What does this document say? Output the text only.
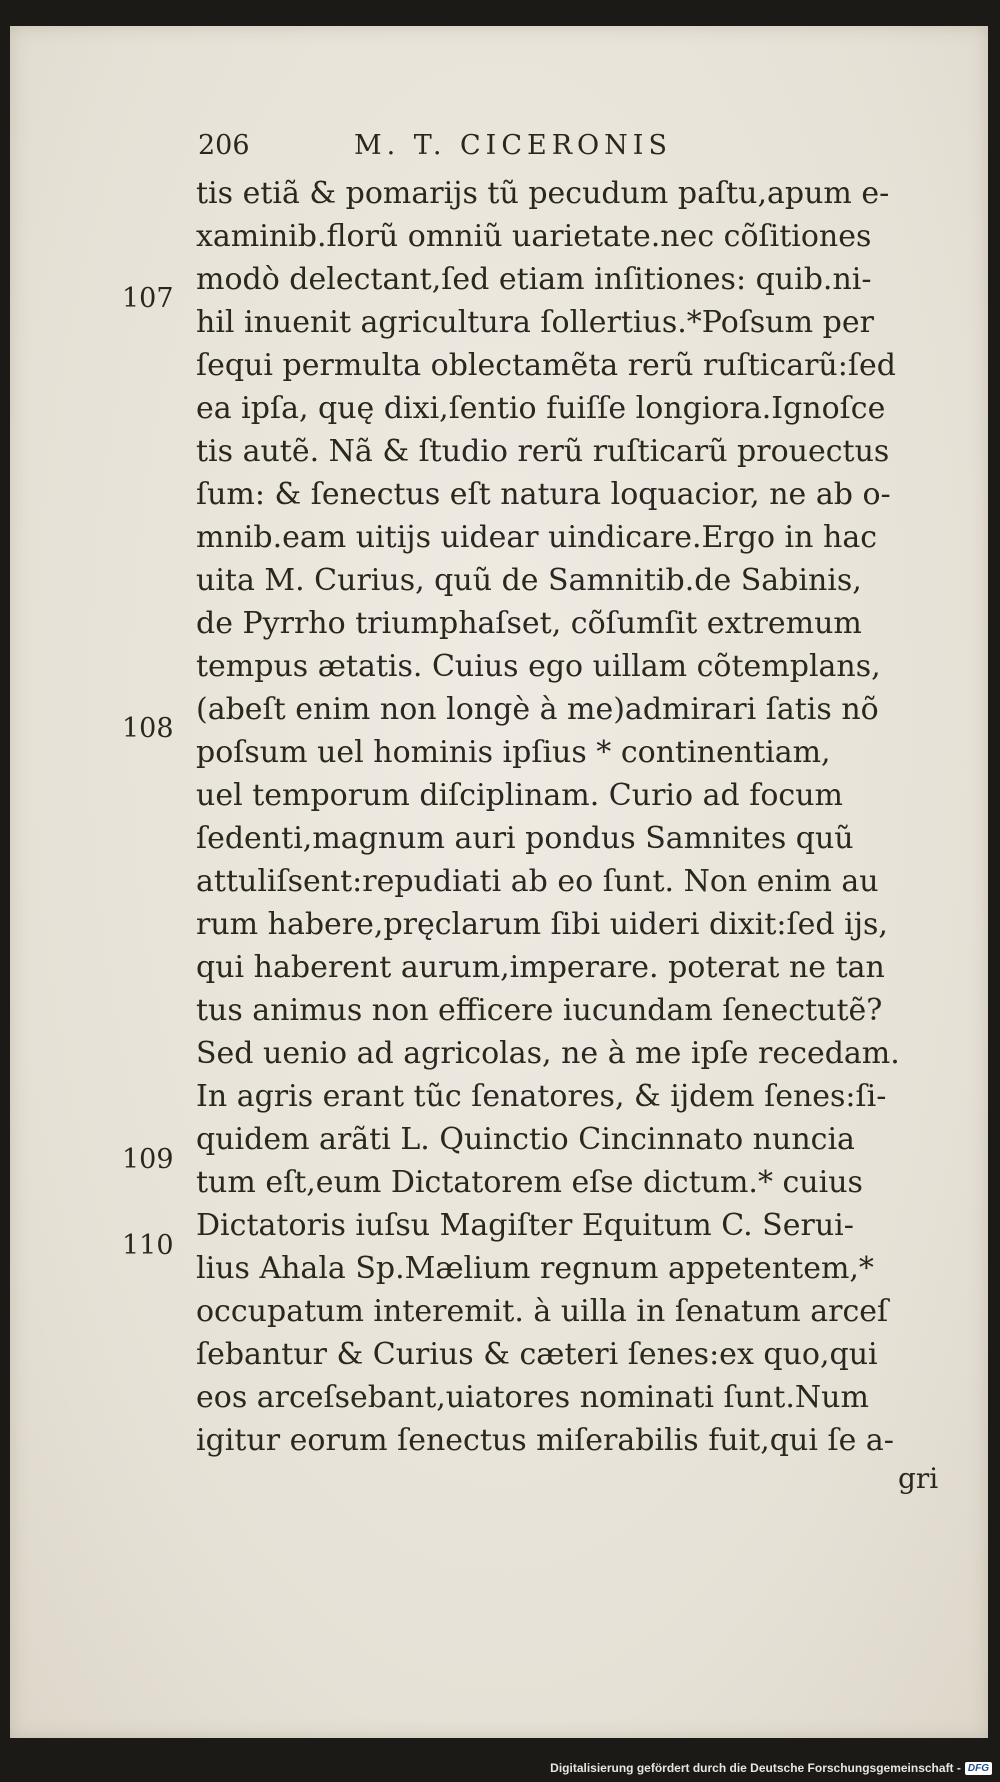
206	M. T. CICERONIS
107
108
109
110
tis etiã & pomarijs tũ pecudum paſtu,apum e-
xaminib.florũ omniũ uarietate.nec cõſitiones
modò delectant,ſed etiam inſitiones: quib.ni-
hil inuenit agricultura ſollertius.*Poſsum per
ſequi permulta oblectamẽta rerũ ruſticarũ:ſed
ea ipſa, quę dixi,ſentio fuiſſe longiora.Ignoſce
tis autẽ. Nã & ſtudio rerũ ruſticarũ prouectus
ſum: & ſenectus eſt natura loquacior, ne ab o-
mnib.eam uitijs uidear uindicare.Ergo in hac
uita M. Curius, quũ de Samnitib.de Sabinis,
de Pyrrho triumphaſset, cõſumſit extremum
tempus ætatis. Cuius ego uillam cõtemplans,
(abeſt enim non longè à me)admirari ſatis nõ
poſsum uel hominis ipſius * continentiam,
uel temporum diſciplinam. Curio ad focum
ſedenti,magnum auri pondus Samnites quũ
attuliſsent:repudiati ab eo ſunt. Non enim au
rum habere,pręclarum ſibi uideri dixit:ſed ijs,
qui haberent aurum,imperare. poterat ne tan
tus animus non efficere iucundam ſenectutẽ?
Sed uenio ad agricolas, ne à me ipſe recedam.
In agris erant tũc ſenatores, & ijdem ſenes:ſi-
quidem arãti L. Quinctio Cincinnato nuncia
tum eſt,eum Dictatorem eſse dictum.* cuius
Dictatoris iuſsu Magiſter Equitum C. Serui-
lius Ahala Sp.Mælium regnum appetentem,*
occupatum interemit. à uilla in ſenatum arceſ
ſebantur & Curius & cæteri ſenes:ex quo,qui
eos arceſsebant,uiatores nominati ſunt.Num
igitur eorum ſenectus miſerabilis fuit,qui ſe a-
gri
Digitalisierung gefördert durch die Deutsche Forschungsgemeinschaft - DFG
